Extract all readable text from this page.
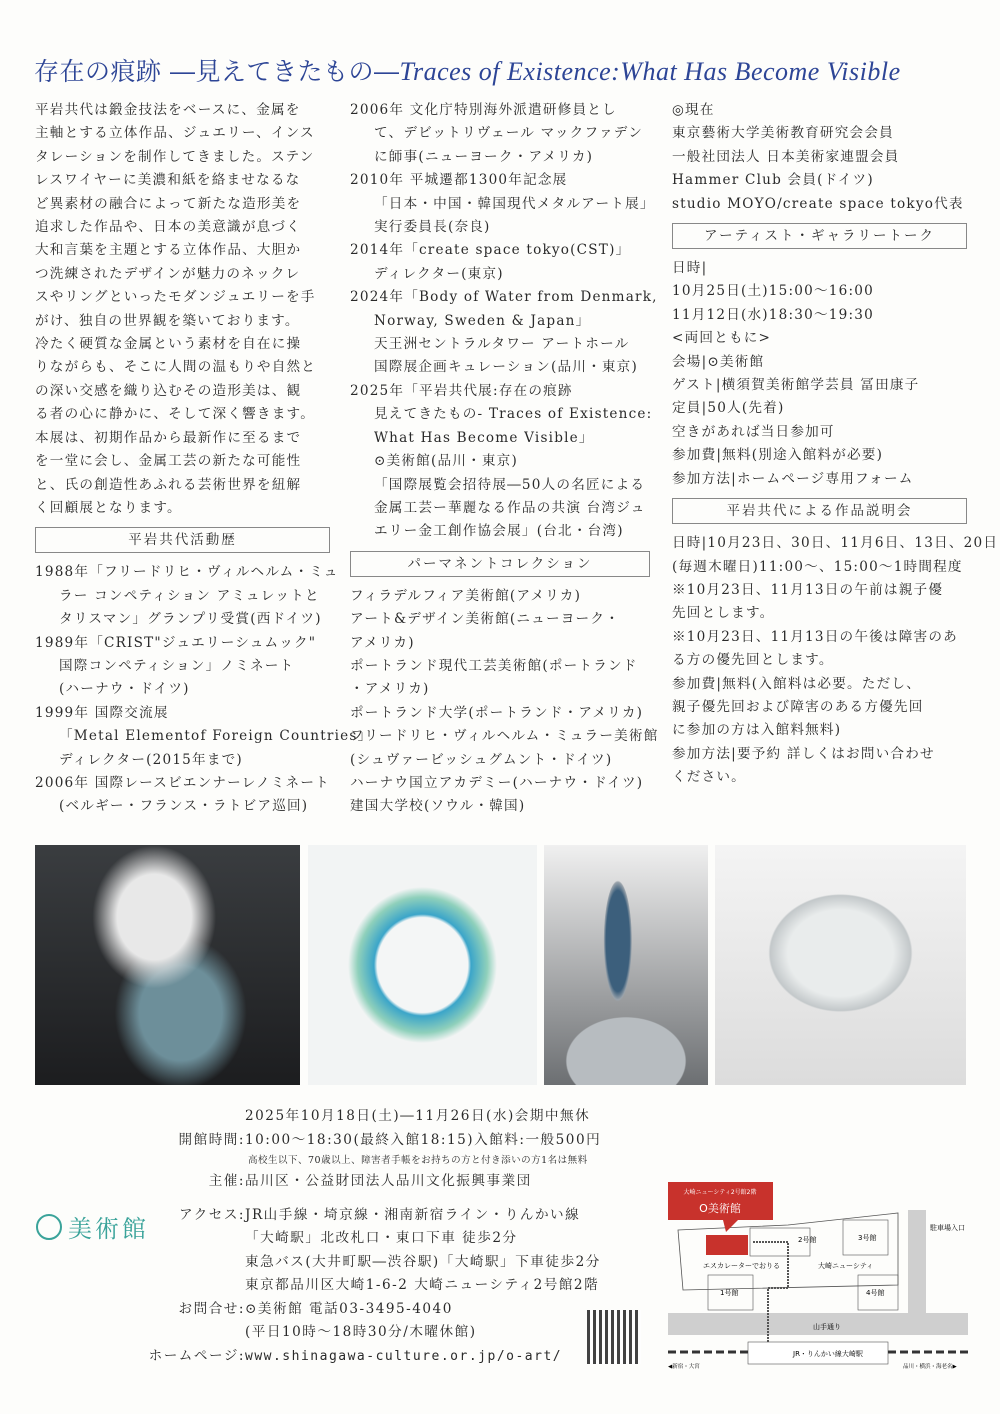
存在の痕跡 ―見えてきたもの―Traces of Existence:What Has Become Visible
平岩共代は鍛金技法をベースに、金属を
主軸とする立体作品、ジュエリー、インス
タレーションを制作してきました。ステン
レスワイヤーに美濃和紙を絡ませなるな
ど異素材の融合によって新たな造形美を
追求した作品や、日本の美意識が息づく
大和言葉を主題とする立体作品、大胆か
つ洗練されたデザインが魅力のネックレ
スやリングといったモダンジュエリーを手
がけ、独自の世界観を築いております。
冷たく硬質な金属という素材を自在に操
りながらも、そこに人間の温もりや自然と
の深い交感を織り込むその造形美は、観
る者の心に静かに、そして深く響きます。
本展は、初期作品から最新作に至るまで
を一堂に会し、金属工芸の新たな可能性
と、氏の創造性あふれる芸術世界を紐解
く回顧展となります。
平岩共代活動歴
1988年「フリードリヒ・ヴィルヘルム・ミュ
ラー コンペティション アミュレットと
タリスマン」グランプリ受賞(西ドイツ)
1989年「CRIST"ジュエリーシュムック"
国際コンペティション」ノミネート
(ハーナウ・ドイツ)
1999年 国際交流展
「Metal Elementof Foreign Countries」
ディレクター(2015年まで)
2006年 国際レースビエンナーレノミネート
(ベルギー・フランス・ラトビア巡回)
2006年 文化庁特別海外派遣研修員とし
て、デビットリヴェール マックファデン
に師事(ニューヨーク・アメリカ)
2010年 平城遷都1300年記念展
「日本・中国・韓国現代メタルアート展」
実行委員長(奈良)
2014年「create space tokyo(CST)」
ディレクター(東京)
2024年「Body of Water from Denmark,
Norway, Sweden & Japan」
天王洲セントラルタワー アートホール
国際展企画キュレーション(品川・東京)
2025年「平岩共代展:存在の痕跡
見えてきたもの- Traces of Existence:
What Has Become Visible」
⊙美術館(品川・東京)
「国際展覧会招待展―50人の名匠による
金属工芸ー華麗なる作品の共演 台湾ジュ
エリー金工創作協会展」(台北・台湾)
パーマネントコレクション
フィラデルフィア美術館(アメリカ)
アート&デザイン美術館(ニューヨーク・
アメリカ)
ポートランド現代工芸美術館(ポートランド
・アメリカ)
ポートランド大学(ポートランド・アメリカ)
フリードリヒ・ヴィルヘルム・ミュラー美術館
(シュヴァービッシュグムント・ドイツ)
ハーナウ国立アカデミー(ハーナウ・ドイツ)
建国大学校(ソウル・韓国)
◎現在
東京藝術大学美術教育研究会会員
一般社団法人 日本美術家連盟会員
Hammer Club 会員(ドイツ)
studio MOYO/create space tokyo代表
アーティスト・ギャラリートーク
日時|
10月25日(土)15:00〜16:00
11月12日(水)18:30〜19:30
<両回ともに>
会場|⊙美術館
ゲスト|横須賀美術館学芸員 冨田康子
定員|50人(先着)
空きがあれば当日参加可
参加費|無料(別途入館料が必要)
参加方法|ホームページ専用フォーム
平岩共代による作品説明会
日時|10月23日、30日、11月6日、13日、20日
(毎週木曜日)11:00〜、15:00〜1時間程度
※10月23日、11月13日の午前は親子優
先回とします。
※10月23日、11月13日の午後は障害のあ
る方の優先回とします。
参加費|無料(入館料は必要。ただし、
親子優先回および障害のある方優先回
に参加の方は入館料無料)
参加方法|要予約 詳しくはお問い合わせ
ください。
美術館
2025年10月18日(土)―11月26日(水)会期中無休
開館時間: 10:00〜18:30(最終入館18:15)入館料:一般500円
高校生以下、70歳以上、障害者手帳をお持ちの方と付き添いの方1名は無料
主催: 品川区・公益財団法人品川文化振興事業団
アクセス: JR山手線・埼京線・湘南新宿ライン・りんかい線
「大崎駅」北改札口・東口下車 徒歩2分
東急バス(大井町駅―渋谷駅)「大崎駅」下車徒歩2分
東京都品川区大崎1-6-2 大崎ニューシティ2号館2階
お問合せ: ⊙美術館 電話03-3495-4040
(平日10時〜18時30分/木曜休館)
ホームページ: www.shinagawa-culture.or.jp/o-art/
大崎ニューシティ2号館2階
O美術館
2号館	3号館
1号館	4号館
大崎ニューシティ
エスカレーターでおりる
山手通り
駐車場入口
JR・りんかい線大崎駅
◀新宿・大宮	品川・横浜・海老名▶
